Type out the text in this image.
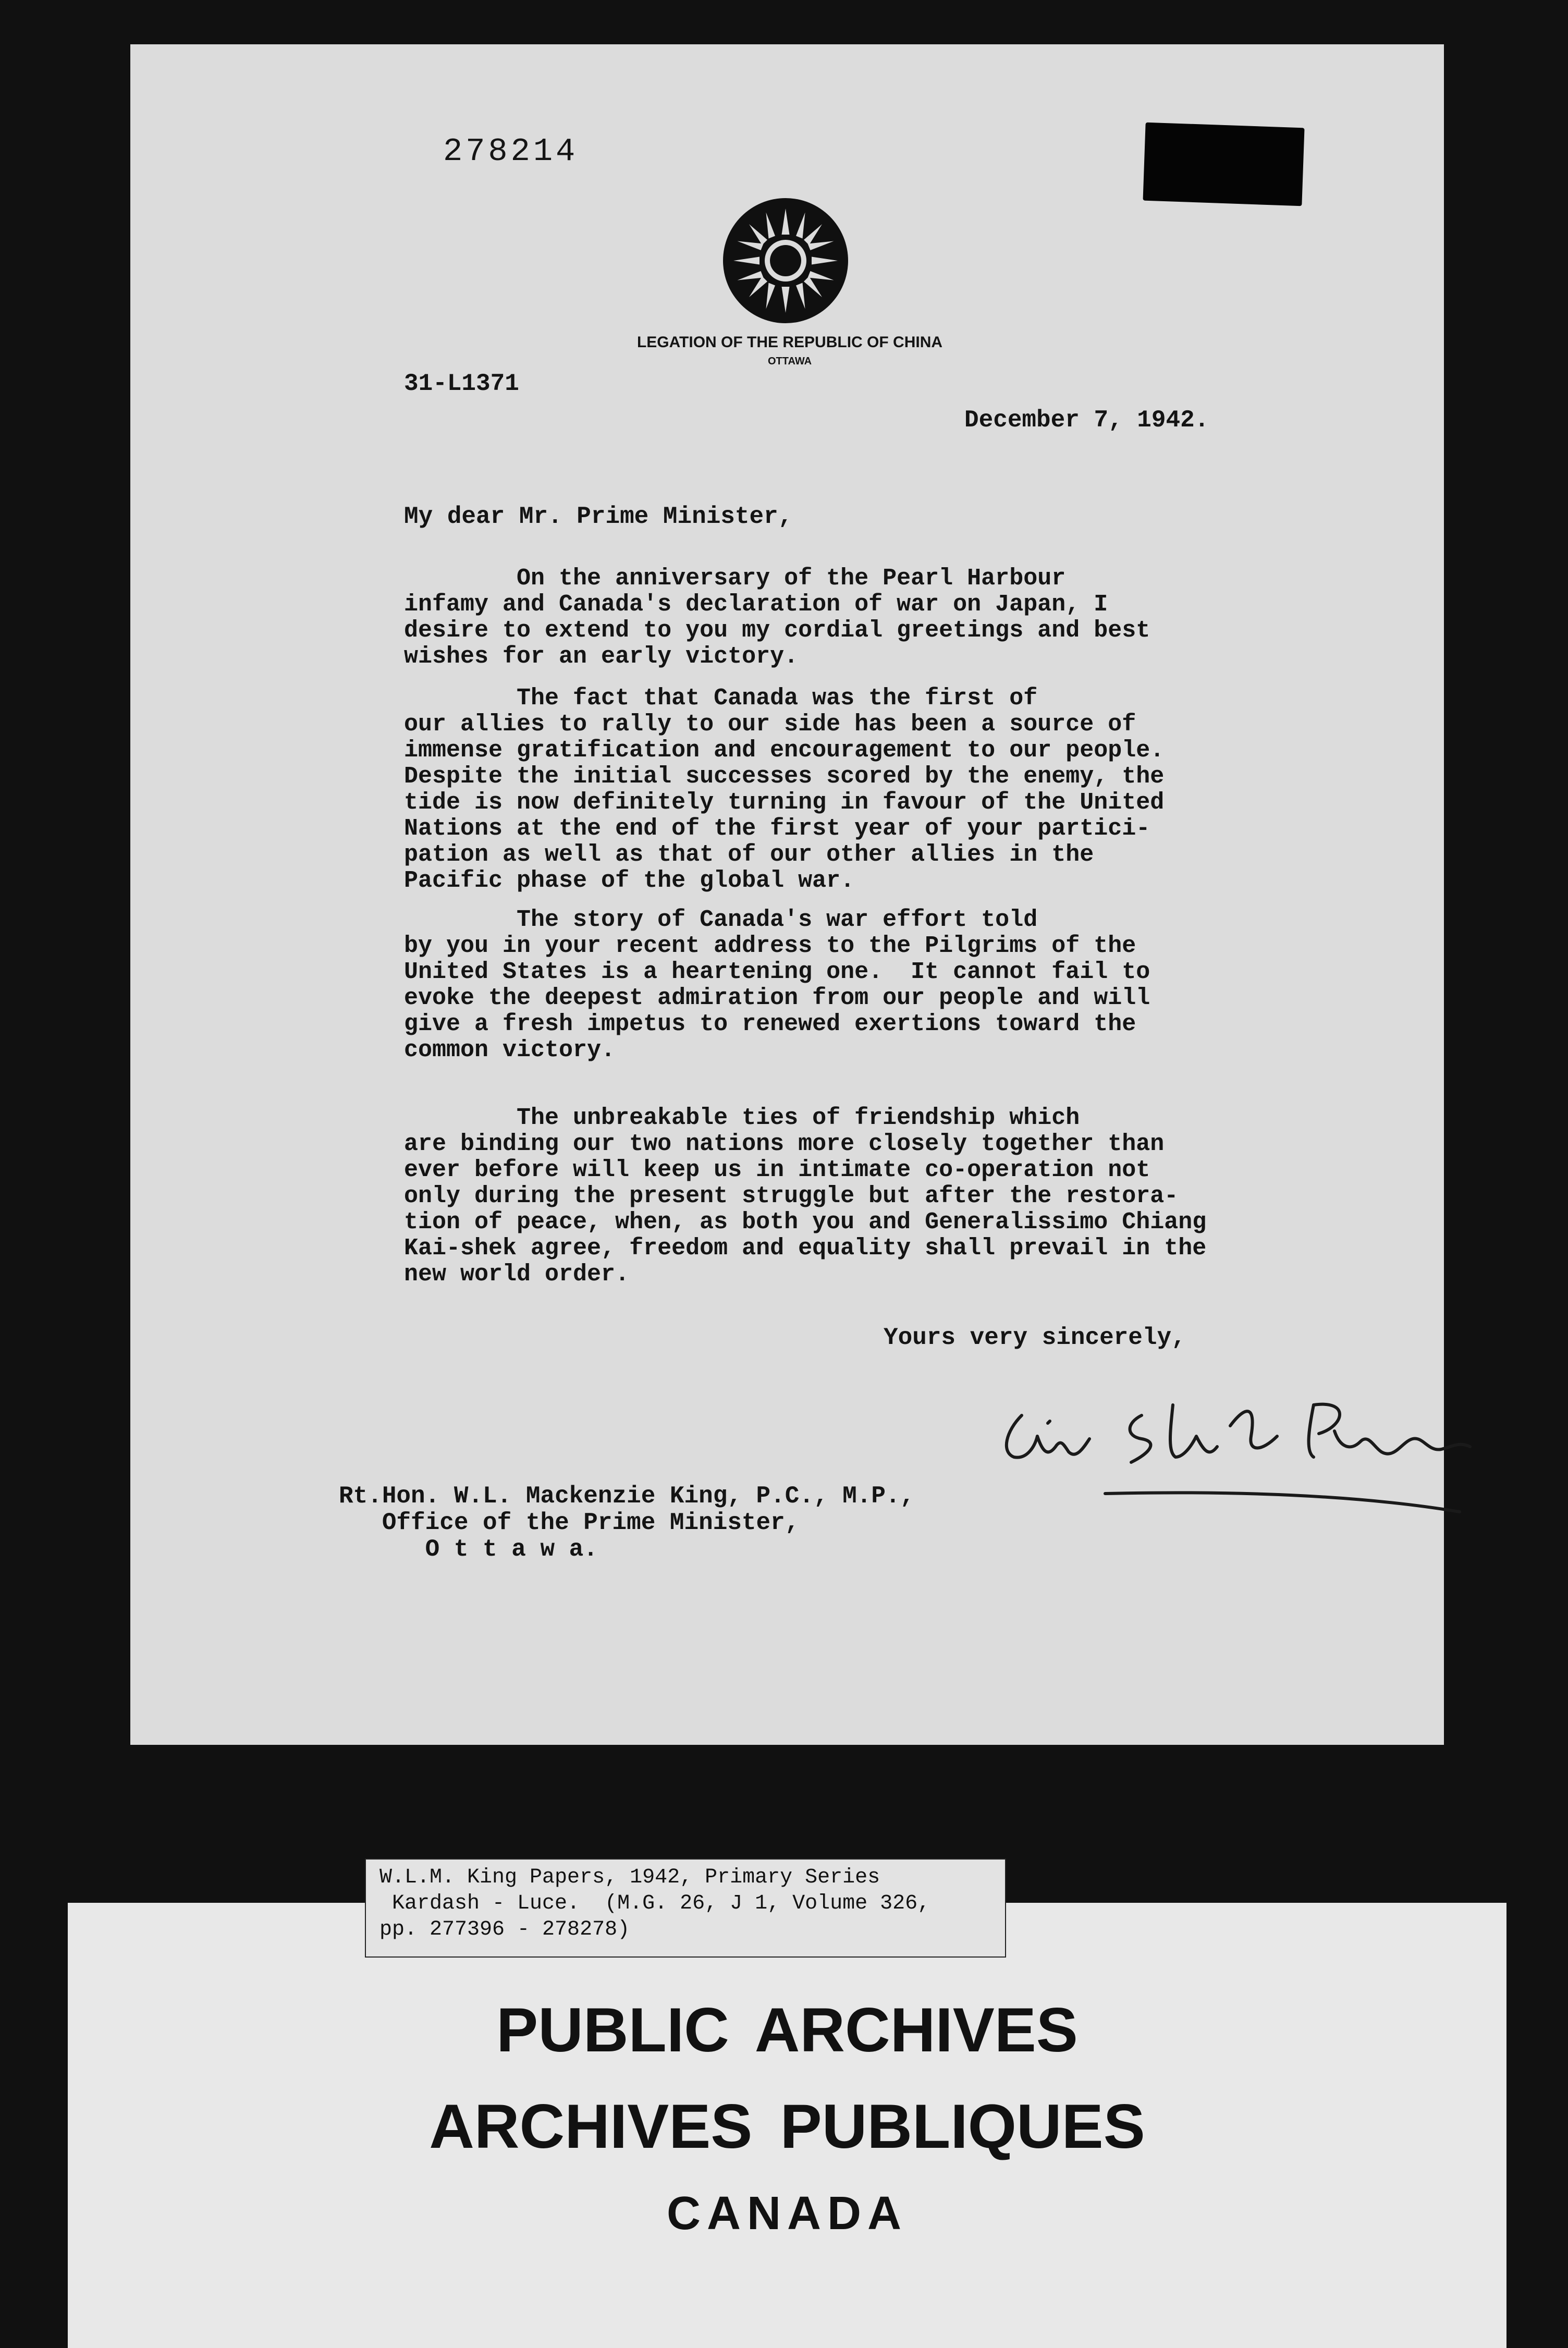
278214
LEGATION OF THE REPUBLIC OF CHINA
OTTAWA
31-L1371
December 7, 1942.
My dear Mr. Prime Minister,
On the anniversary of the Pearl Harbour
infamy and Canada's declaration of war on Japan, I
desire to extend to you my cordial greetings and best
wishes for an early victory.
The fact that Canada was the first of
our allies to rally to our side has been a source of
immense gratification and encouragement to our people.
Despite the initial successes scored by the enemy, the
tide is now definitely turning in favour of the United
Nations at the end of the first year of your partici-
pation as well as that of our other allies in the
Pacific phase of the global war.
The story of Canada's war effort told
by you in your recent address to the Pilgrims of the
United States is a heartening one.  It cannot fail to
evoke the deepest admiration from our people and will
give a fresh impetus to renewed exertions toward the
common victory.
The unbreakable ties of friendship which
are binding our two nations more closely together than
ever before will keep us in intimate co-operation not
only during the present struggle but after the restora-
tion of peace, when, as both you and Generalissimo Chiang
Kai-shek agree, freedom and equality shall prevail in the
new world order.
Yours very sincerely,
Rt.Hon. W.L. Mackenzie King, P.C., M.P.,
Office of the Prime Minister,
O t t a w a.
PUBLIC ARCHIVES
ARCHIVES PUBLIQUES
CANADA
W.L.M. King Papers, 1942, Primary Series
Kardash - Luce.  (M.G. 26, J 1, Volume 326,
pp. 277396 - 278278)
